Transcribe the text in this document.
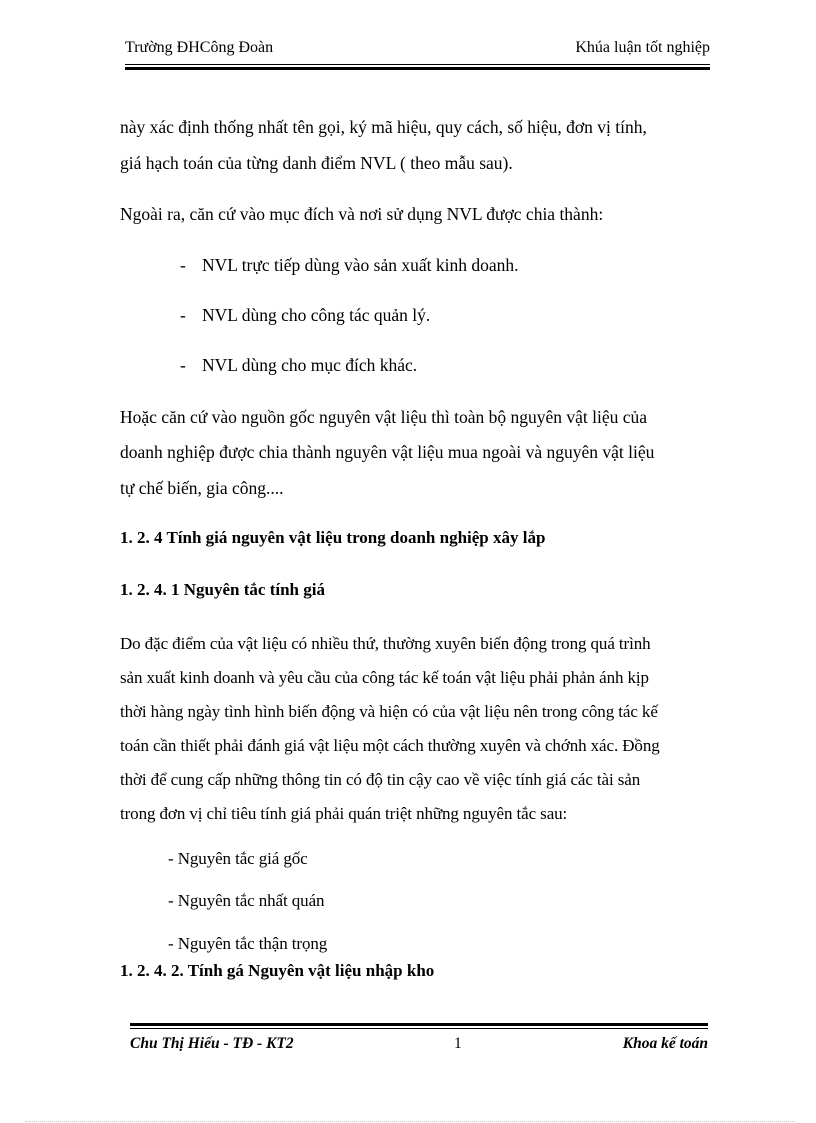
Trường ĐHCông Đoàn	Khúa luận tốt nghiệp

này xác định thống nhất tên gọi, ký mã hiệu, quy cách, số hiệu, đơn vị tính,

giá hạch toán của từng danh điểm NVL ( theo mẫu sau).

Ngoài ra, căn cứ vào mục đích và nơi sử dụng NVL được chia thành:

- NVL trực tiếp dùng vào sản xuất kinh doanh.
- NVL dùng cho công tác quản lý.
- NVL dùng cho mục đích khác.

Hoặc căn cứ vào nguồn gốc nguyên vật liệu thì toàn bộ nguyên vật liệu của

doanh nghiệp được chia thành nguyên vật liệu mua ngoài và nguyên vật liệu

tự chế biến, gia công....

1. 2. 4 Tính giá nguyên vật liệu trong doanh nghiệp xây lắp
1. 2. 4. 1 Nguyên tắc tính giá

Do đặc điểm của vật liệu có nhiều thứ, thường xuyên biến động trong quá trình

sản xuất kinh doanh và yêu cầu của công tác kế toán vật liệu phải phản ánh kịp

thời hàng ngày tình hình biến động và hiện có của vật liệu nên trong công tác kế

toán cần thiết phải đánh giá vật liệu một cách thường xuyên và chớnh xác. Đồng

thời để cung cấp những thông tin có độ tin cậy cao về việc tính giá các tài sản

trong đơn vị chỉ tiêu tính giá phải quán triệt những nguyên tắc sau:

- Nguyên tắc giá gốc

- Nguyên tắc nhất quán

- Nguyên tắc thận trọng

1. 2. 4. 2. Tính gá Nguyên vật liệu nhập kho
Chu Thị Hiếu - TĐ - KT2	1	Khoa kế toán
